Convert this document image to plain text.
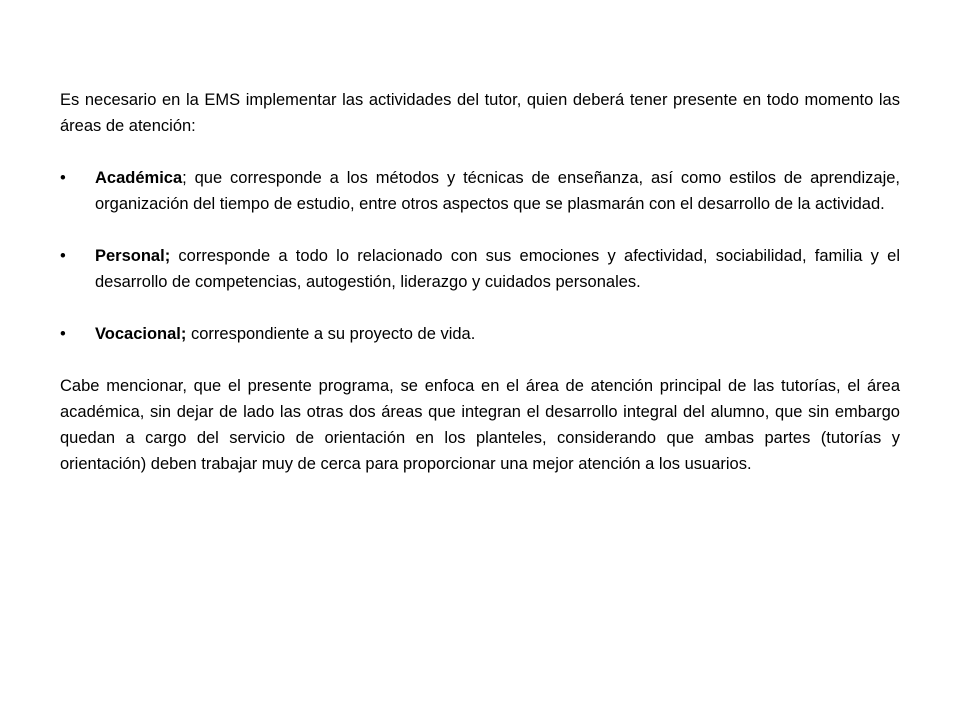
Es necesario en la EMS implementar las actividades del tutor, quien deberá tener presente en todo momento las áreas de atención:

• Académica; que corresponde a los métodos y técnicas de enseñanza, así como estilos de aprendizaje, organización del tiempo de estudio, entre otros aspectos que se plasmarán con el desarrollo de la actividad.
• Personal; corresponde a todo lo relacionado con sus emociones y afectividad, sociabilidad, familia y el desarrollo de competencias, autogestión, liderazgo y cuidados personales.
• Vocacional; correspondiente a su proyecto de vida.

Cabe mencionar, que el presente programa, se enfoca en el área de atención principal de las tutorías, el área académica, sin dejar de lado las otras dos áreas que integran el desarrollo integral del alumno, que sin embargo quedan a cargo del servicio de orientación en los planteles, considerando que ambas partes (tutorías y orientación) deben trabajar muy de cerca para proporcionar una mejor atención a los usuarios.
